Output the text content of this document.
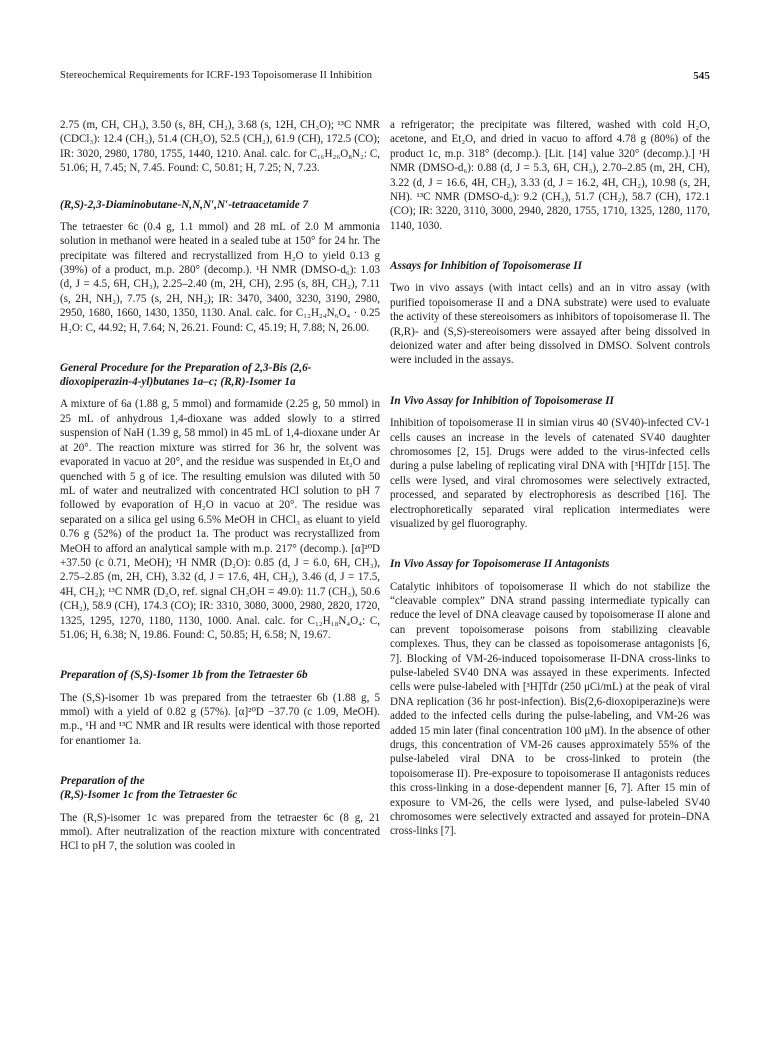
Stereochemical Requirements for ICRF-193 Topoisomerase II Inhibition	545

2.75 (m, CH, CH₃), 3.50 (s, 8H, CH₂), 3.68 (s, 12H, CH₃O); ¹³C NMR (CDCl₃): 12.4 (CH₃), 51.4 (CH₃O), 52.5 (CH₂), 61.9 (CH), 172.5 (CO); IR: 3020, 2980, 1780, 1755, 1440, 1210. Anal. calc. for C₁₆H₂₆O₈N₂: C, 51.06; H, 7.45; N, 7.45. Found: C, 50.81; H, 7.25; N, 7.23.

(R,S)-2,3-Diaminobutane-N,N,N′,N′-tetraacetamide 7

The tetraester 6c (0.4 g, 1.1 mmol) and 28 mL of 2.0 M ammonia solution in methanol were heated in a sealed tube at 150° for 24 hr. The precipitate was filtered and recrystallized from H₂O to yield 0.13 g (39%) of a product, m.p. 280° (decomp.). ¹H NMR (DMSO-d₆): 1.03 (d, J = 4.5, 6H, CH₃), 2.25–2.40 (m, 2H, CH), 2.95 (s, 8H, CH₂), 7.11 (s, 2H, NH₂), 7.75 (s, 2H, NH₂); IR: 3470, 3400, 3230, 3190, 2980, 2950, 1680, 1660, 1430, 1350, 1130. Anal. calc. for C₁₂H₂₄N₆O₄ · 0.25 H₂O: C, 44.92; H, 7.64; N, 26.21. Found: C, 45.19; H, 7.88; N, 26.00.

General Procedure for the Preparation of 2,3-Bis (2,6-dioxopiperazin-4-yl)butanes 1a–c; (R,R)-Isomer 1a

A mixture of 6a (1.88 g, 5 mmol) and formamide (2.25 g, 50 mmol) in 25 mL of anhydrous 1,4-dioxane was added slowly to a stirred suspension of NaH (1.39 g, 58 mmol) in 45 mL of 1,4-dioxane under Ar at 20°. The reaction mixture was stirred for 36 hr, the solvent was evaporated in vacuo at 20°, and the residue was suspended in Et₂O and quenched with 5 g of ice. The resulting emulsion was diluted with 50 mL of water and neutralized with concentrated HCl solution to pH 7 followed by evaporation of H₂O in vacuo at 20°. The residue was separated on a silica gel using 6.5% MeOH in CHCl₃ as eluant to yield 0.76 g (52%) of the product 1a. The product was recrystallized from MeOH to afford an analytical sample with m.p. 217° (decomp.). [α]²⁰D +37.50 (c 0.71, MeOH); ¹H NMR (D₂O): 0.85 (d, J = 6.0, 6H, CH₃), 2.75–2.85 (m, 2H, CH), 3.32 (d, J = 17.6, 4H, CH₂), 3.46 (d, J = 17.5, 4H, CH₂); ¹³C NMR (D₂O, ref. signal CH₃OH = 49.0): 11.7 (CH₃), 50.6 (CH₂), 58.9 (CH), 174.3 (CO); IR: 3310, 3080, 3000, 2980, 2820, 1720, 1325, 1295, 1270, 1180, 1130, 1000. Anal. calc. for C₁₂H₁₈N₄O₄: C, 51.06; H, 6.38; N, 19.86. Found: C, 50.85; H, 6.58; N, 19.67.

Preparation of (S,S)-Isomer 1b from the Tetraester 6b

The (S,S)-isomer 1b was prepared from the tetraester 6b (1.88 g, 5 mmol) with a yield of 0.82 g (57%). [α]²⁰D −37.70 (c 1.09, MeOH). m.p., ¹H and ¹³C NMR and IR results were identical with those reported for enantiomer 1a.

Preparation of the

(R,S)-Isomer 1c from the Tetraester 6c

The (R,S)-isomer 1c was prepared from the tetraester 6c (8 g, 21 mmol). After neutralization of the reaction mixture with concentrated HCl to pH 7, the solution was cooled in

a refrigerator; the precipitate was filtered, washed with cold H₂O, acetone, and Et₂O, and dried in vacuo to afford 4.78 g (80%) of the product 1c, m.p. 318° (decomp.). [Lit. [14] value 320° (decomp.).] ¹H NMR (DMSO-d₆): 0.88 (d, J = 5.3, 6H, CH₃), 2.70–2.85 (m, 2H, CH), 3.22 (d, J = 16.6, 4H, CH₂), 3.33 (d, J = 16.2, 4H, CH₂), 10.98 (s, 2H, NH). ¹³C NMR (DMSO-d₆): 9.2 (CH₃), 51.7 (CH₂), 58.7 (CH), 172.1 (CO); IR: 3220, 3110, 3000, 2940, 2820, 1755, 1710, 1325, 1280, 1170, 1140, 1030.

Assays for Inhibition of Topoisomerase II

Two in vivo assays (with intact cells) and an in vitro assay (with purified topoisomerase II and a DNA substrate) were used to evaluate the activity of these stereoisomers as inhibitors of topoisomerase II. The (R,R)- and (S,S)-stereoisomers were assayed after being dissolved in deionized water and after being dissolved in DMSO. Solvent controls were included in the assays.

In Vivo Assay for Inhibition of Topoisomerase II

Inhibition of topoisomerase II in simian virus 40 (SV40)-infected CV-1 cells causes an increase in the levels of catenated SV40 daughter chromosomes [2, 15]. Drugs were added to the virus-infected cells during a pulse labeling of replicating viral DNA with [³H]Tdr [15]. The cells were lysed, and viral chromosomes were selectively extracted, processed, and separated by electrophoresis as described [16]. The electrophoretically separated viral replication intermediates were visualized by gel fluorography.

In Vivo Assay for Topoisomerase II Antagonists

Catalytic inhibitors of topoisomerase II which do not stabilize the “cleavable complex” DNA strand passing intermediate typically can reduce the level of DNA cleavage caused by topoisomerase II alone and can prevent topoisomerase poisons from stabilizing cleavable complexes. Thus, they can be classed as topoisomerase antagonists [6, 7]. Blocking of VM-26-induced topoisomerase II-DNA cross-links to pulse-labeled SV40 DNA was assayed in these experiments. Infected cells were pulse-labeled with [³H]Tdr (250 μCi/mL) at the peak of viral DNA replication (36 hr post-infection). Bis(2,6-dioxopiperazine)s were added to the infected cells during the pulse-labeling, and VM-26 was added 15 min later (final concentration 100 μM). In the absence of other drugs, this concentration of VM-26 causes approximately 55% of the pulse-labeled viral DNA to be cross-linked to protein (the topoisomerase II). Pre-exposure to topoisomerase II antagonists reduces this cross-linking in a dose-dependent manner [6, 7]. After 15 min of exposure to VM-26, the cells were lysed, and pulse-labeled SV40 chromosomes were selectively extracted and assayed for protein–DNA cross-links [7].
